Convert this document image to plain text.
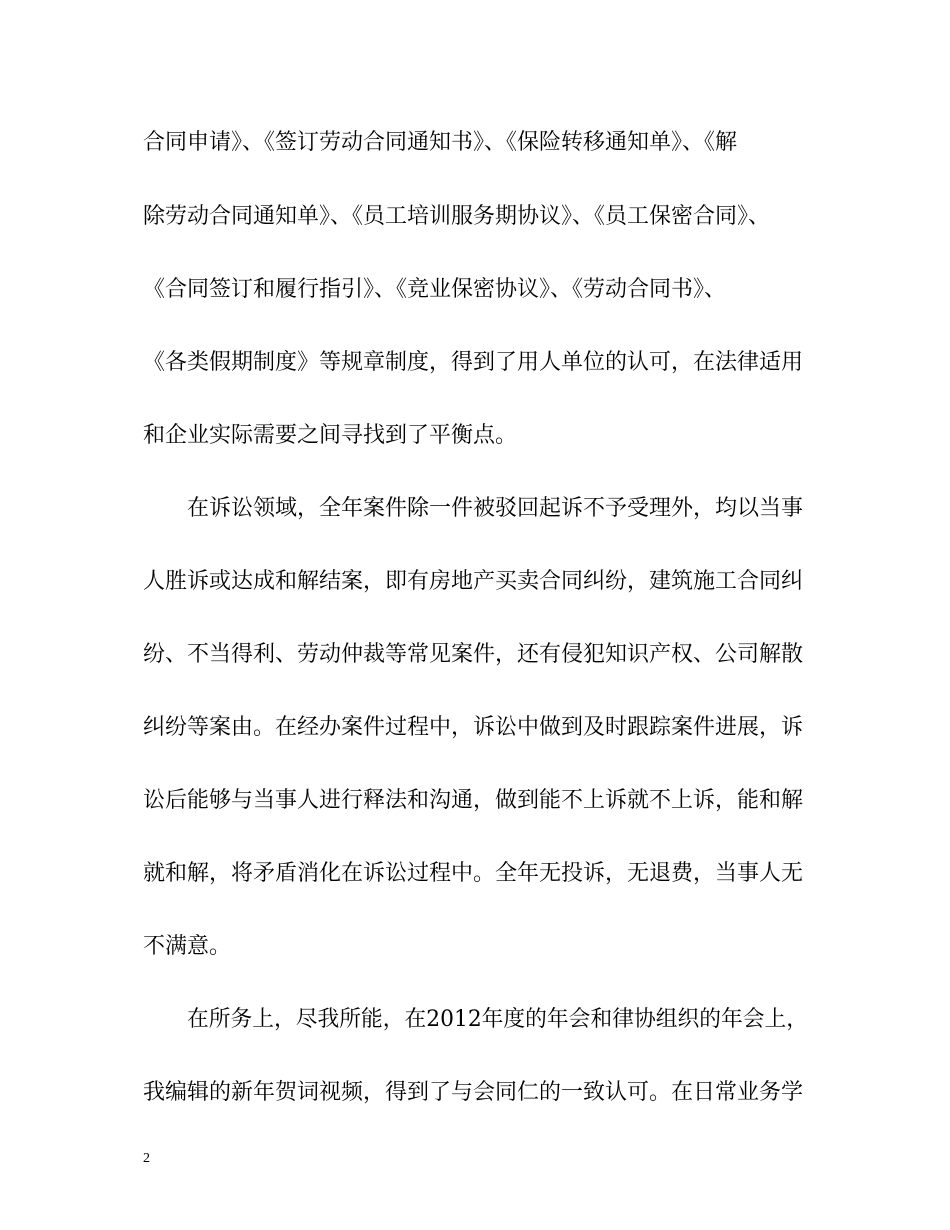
合同申请》、《签订劳动合同通知书》、《保险转移通知单》、《解
除劳动合同通知单》、《员工培训服务期协议》、《员工保密合同》、
《合同签订和履行指引》、《竞业保密协议》、《劳动合同书》、
《各类假期制度》等规章制度，得到了用人单位的认可，在法律适用
和企业实际需要之间寻找到了平衡点。
在诉讼领域，全年案件除一件被驳回起诉不予受理外，均以当事
人胜诉或达成和解结案，即有房地产买卖合同纠纷，建筑施工合同纠
纷、不当得利、劳动仲裁等常见案件，还有侵犯知识产权、公司解散
纠纷等案由。在经办案件过程中，诉讼中做到及时跟踪案件进展，诉
讼后能够与当事人进行释法和沟通，做到能不上诉就不上诉，能和解
就和解，将矛盾消化在诉讼过程中。全年无投诉，无退费，当事人无
不满意。
在所务上，尽我所能，在2012年度的年会和律协组织的年会上，
我编辑的新年贺词视频，得到了与会同仁的一致认可。在日常业务学
2
